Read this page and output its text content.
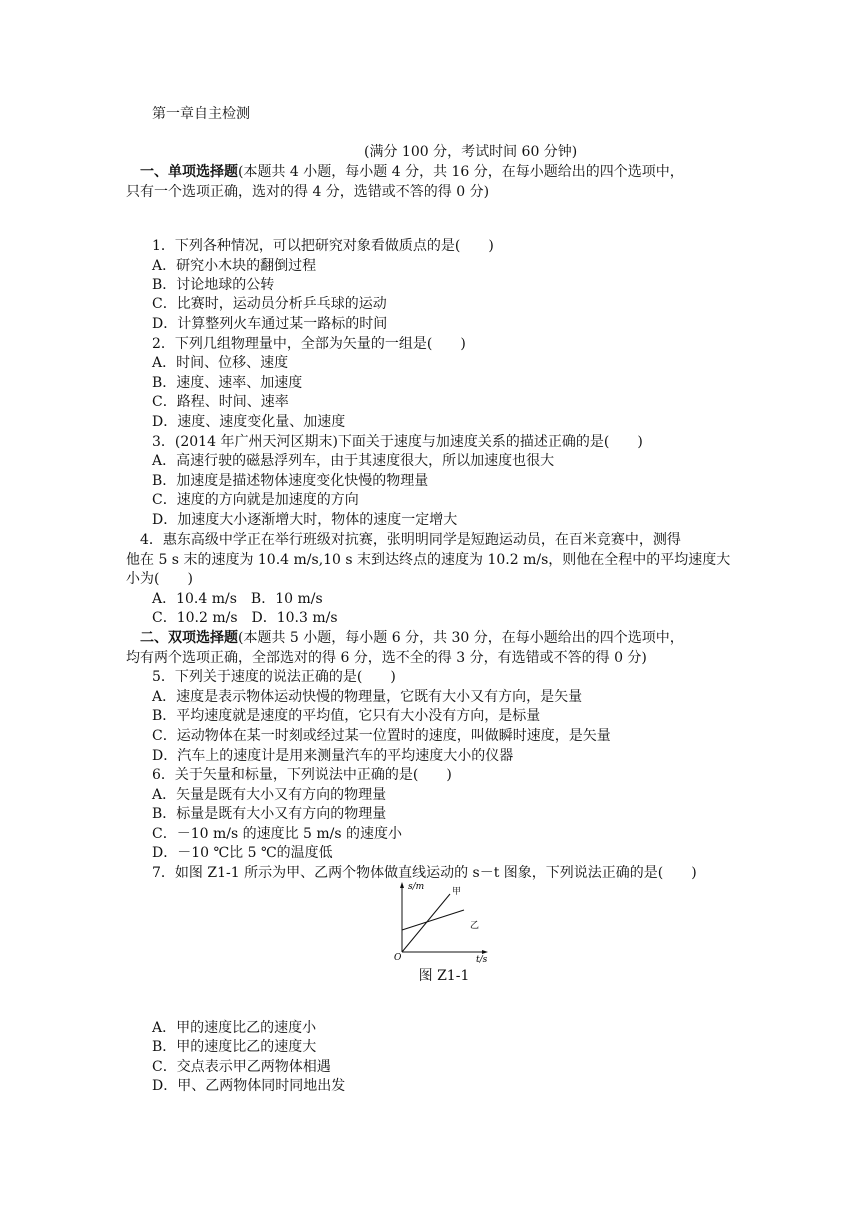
第一章自主检测
(满分 100 分，考试时间 60 分钟)
一、单项选择题(本题共 4 小题，每小题 4 分，共 16 分，在每小题给出的四个选项中，
只有一个选项正确，选对的得 4 分，选错或不答的得 0 分)
1．下列各种情况，可以把研究对象看做质点的是(　　)
A．研究小木块的翻倒过程
B．讨论地球的公转
C．比赛时，运动员分析乒乓球的运动
D．计算整列火车通过某一路标的时间
2．下列几组物理量中，全部为矢量的一组是(　　)
A．时间、位移、速度
B．速度、速率、加速度
C．路程、时间、速率
D．速度、速度变化量、加速度
3．(2014 年广州天河区期末)下面关于速度与加速度关系的描述正确的是(　　)
A．高速行驶的磁悬浮列车，由于其速度很大，所以加速度也很大
B．加速度是描述物体速度变化快慢的物理量
C．速度的方向就是加速度的方向
D．加速度大小逐渐增大时，物体的速度一定增大
4．惠东高级中学正在举行班级对抗赛，张明明同学是短跑运动员，在百米竞赛中，测得
他在 5 s 末的速度为 10.4 m/s,10 s 末到达终点的速度为 10.2 m/s，则他在全程中的平均速度大
小为(　　)
A．10.4 m/s　B．10 m/s
C．10.2 m/s　D．10.3 m/s
二、双项选择题(本题共 5 小题，每小题 6 分，共 30 分，在每小题给出的四个选项中，
均有两个选项正确，全部选对的得 6 分，选不全的得 3 分，有选错或不答的得 0 分)
5．下列关于速度的说法正确的是(　　)
A．速度是表示物体运动快慢的物理量，它既有大小又有方向，是矢量
B．平均速度就是速度的平均值，它只有大小没有方向，是标量
C．运动物体在某一时刻或经过某一位置时的速度，叫做瞬时速度，是矢量
D．汽车上的速度计是用来测量汽车的平均速度大小的仪器
6．关于矢量和标量，下列说法中正确的是(　　)
A．矢量是既有大小又有方向的物理量
B．标量是既有大小又有方向的物理量
C．－10 m/s 的速度比 5 m/s 的速度小
D．－10 ℃比 5 ℃的温度低
7．如图 Z1-1 所示为甲、乙两个物体做直线运动的 s－t 图象，下列说法正确的是(　　)
s/m	甲
乙
O	t/s
图 Z1-1
A．甲的速度比乙的速度小
B．甲的速度比乙的速度大
C．交点表示甲乙两物体相遇
D．甲、乙两物体同时同地出发
